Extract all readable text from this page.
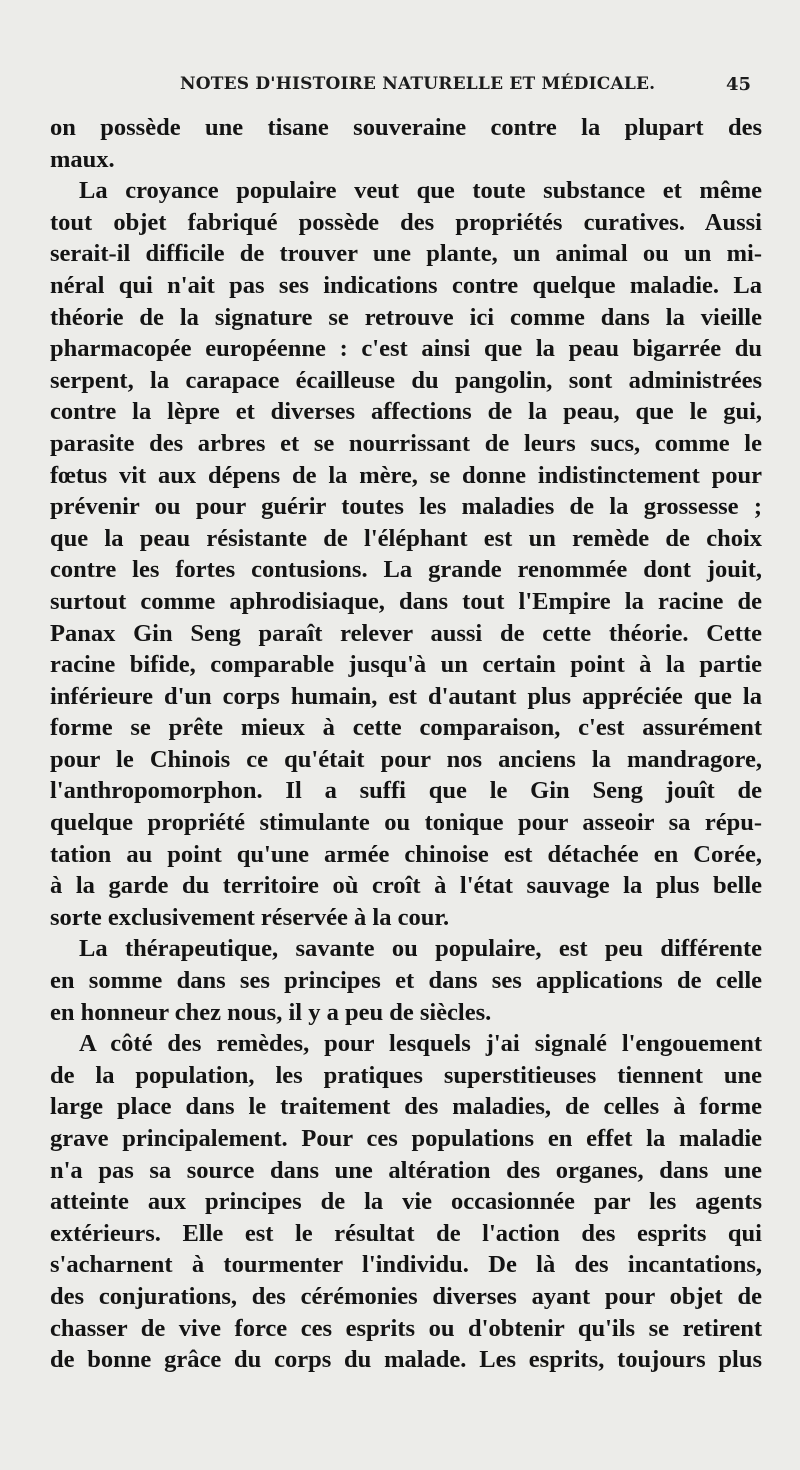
NOTES D'HISTOIRE NATURELLE ET MÉDICALE.	45
on possède une tisane souveraine contre la plupart des
maux.
La croyance populaire veut que toute substance et même
tout objet fabriqué possède des propriétés curatives. Aussi
serait-il difficile de trouver une plante, un animal ou un mi-
néral qui n'ait pas ses indications contre quelque maladie. La
théorie de la signature se retrouve ici comme dans la vieille
pharmacopée européenne : c'est ainsi que la peau bigarrée du
serpent, la carapace écailleuse du pangolin, sont administrées
contre la lèpre et diverses affections de la peau, que le gui,
parasite des arbres et se nourrissant de leurs sucs, comme le
fœtus vit aux dépens de la mère, se donne indistinctement pour
prévenir ou pour guérir toutes les maladies de la grossesse ;
que la peau résistante de l'éléphant est un remède de choix
contre les fortes contusions. La grande renommée dont jouit,
surtout comme aphrodisiaque, dans tout l'Empire la racine de
Panax Gin Seng paraît relever aussi de cette théorie. Cette
racine bifide, comparable jusqu'à un certain point à la partie
inférieure d'un corps humain, est d'autant plus appréciée que la
forme se prête mieux à cette comparaison, c'est assurément
pour le Chinois ce qu'était pour nos anciens la mandragore,
l'anthropomorphon. Il a suffi que le Gin Seng jouît de
quelque propriété stimulante ou tonique pour asseoir sa répu-
tation au point qu'une armée chinoise est détachée en Corée,
à la garde du territoire où croît à l'état sauvage la plus belle
sorte exclusivement réservée à la cour.
La thérapeutique, savante ou populaire, est peu différente
en somme dans ses principes et dans ses applications de celle
en honneur chez nous, il y a peu de siècles.
A côté des remèdes, pour lesquels j'ai signalé l'engouement
de la population, les pratiques superstitieuses tiennent une
large place dans le traitement des maladies, de celles à forme
grave principalement. Pour ces populations en effet la maladie
n'a pas sa source dans une altération des organes, dans une
atteinte aux principes de la vie occasionnée par les agents
extérieurs. Elle est le résultat de l'action des esprits qui
s'acharnent à tourmenter l'individu. De là des incantations,
des conjurations, des cérémonies diverses ayant pour objet de
chasser de vive force ces esprits ou d'obtenir qu'ils se retirent
de bonne grâce du corps du malade. Les esprits, toujours plus
